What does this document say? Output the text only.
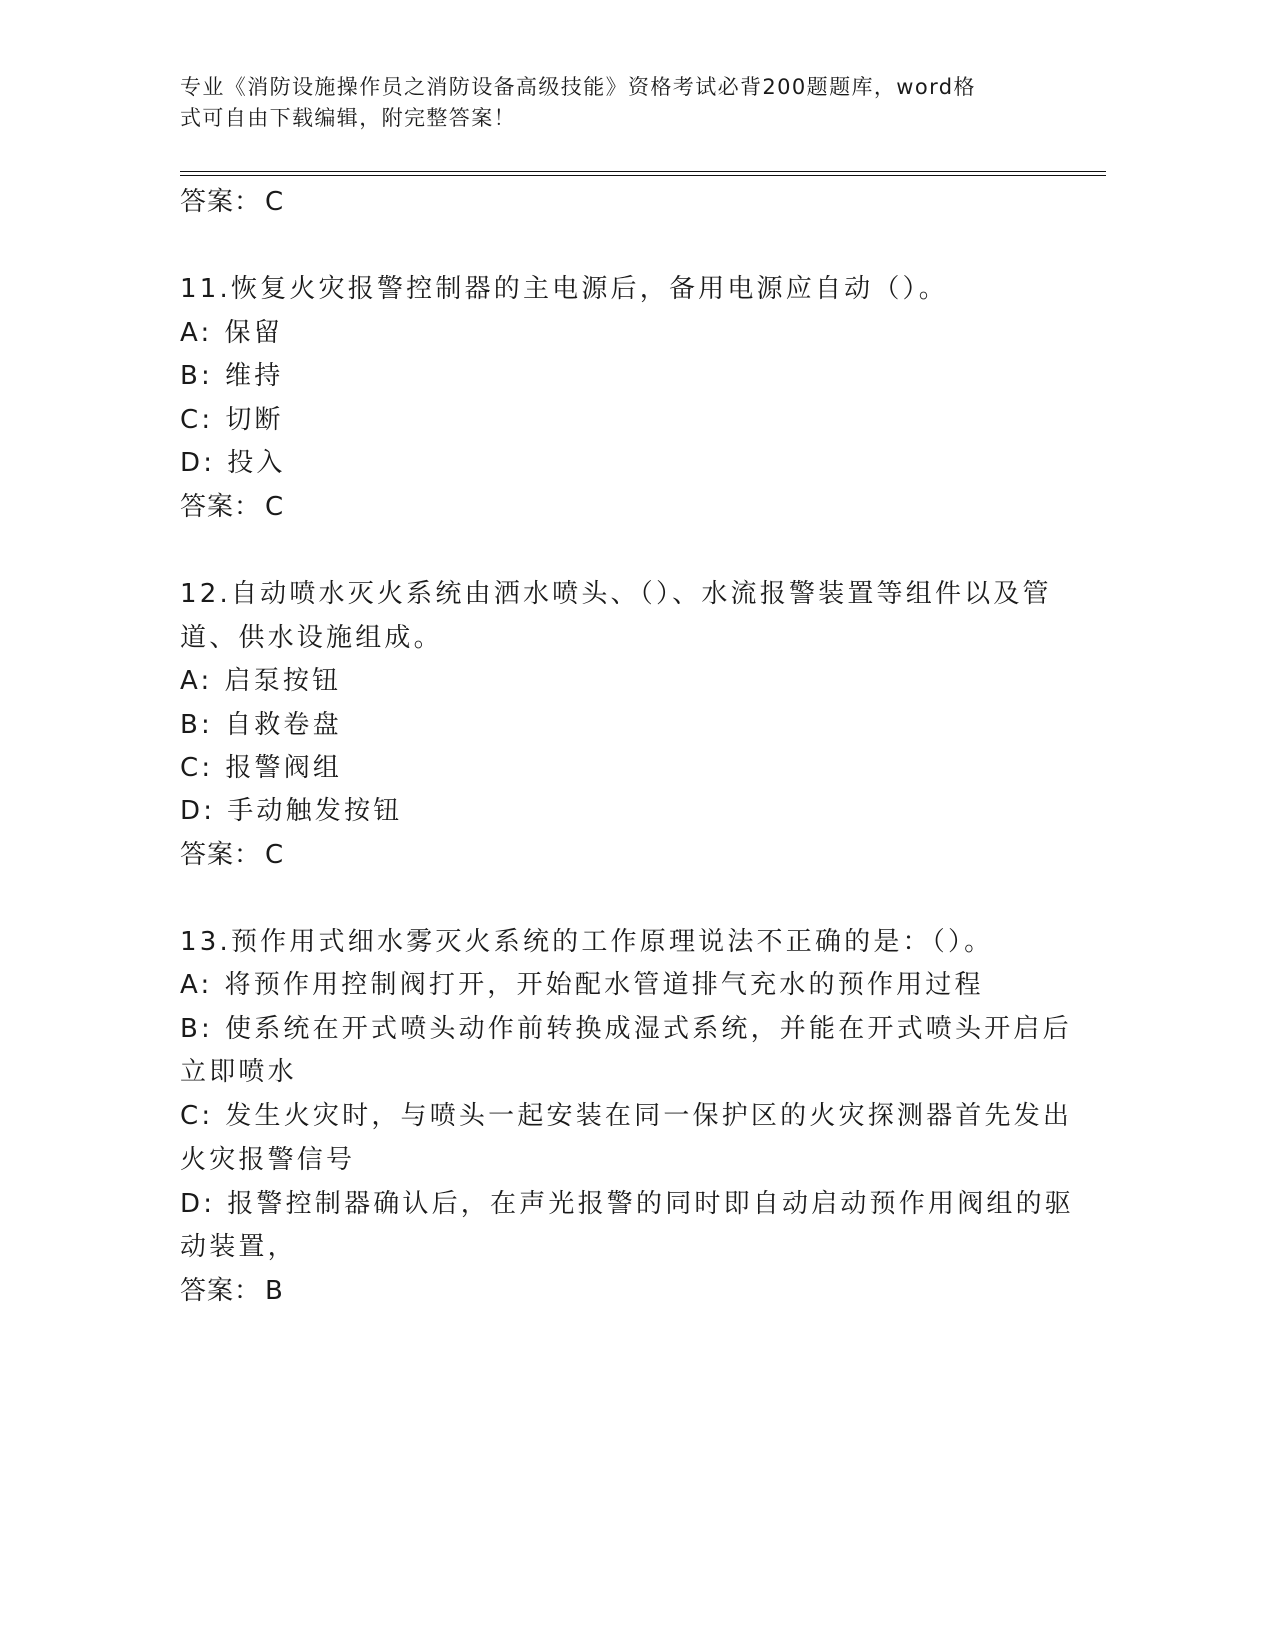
专业《消防设施操作员之消防设备高级技能》资格考试必背200题题库，word格
式可自由下载编辑，附完整答案！
答案： C
11.恢复火灾报警控制器的主电源后，备用电源应自动（）。
A: 保留
B: 维持
C: 切断
D: 投入
答案： C
12.自动喷水灭火系统由洒水喷头、（）、水流报警装置等组件以及管
道、供水设施组成。
A: 启泵按钮
B: 自救卷盘
C: 报警阀组
D: 手动触发按钮
答案： C
13.预作用式细水雾灭火系统的工作原理说法不正确的是：（）。
A: 将预作用控制阀打开，开始配水管道排气充水的预作用过程
B: 使系统在开式喷头动作前转换成湿式系统，并能在开式喷头开启后
立即喷水
C: 发生火灾时，与喷头一起安装在同一保护区的火灾探测器首先发出
火灾报警信号
D: 报警控制器确认后，在声光报警的同时即自动启动预作用阀组的驱
动装置，
答案： B
